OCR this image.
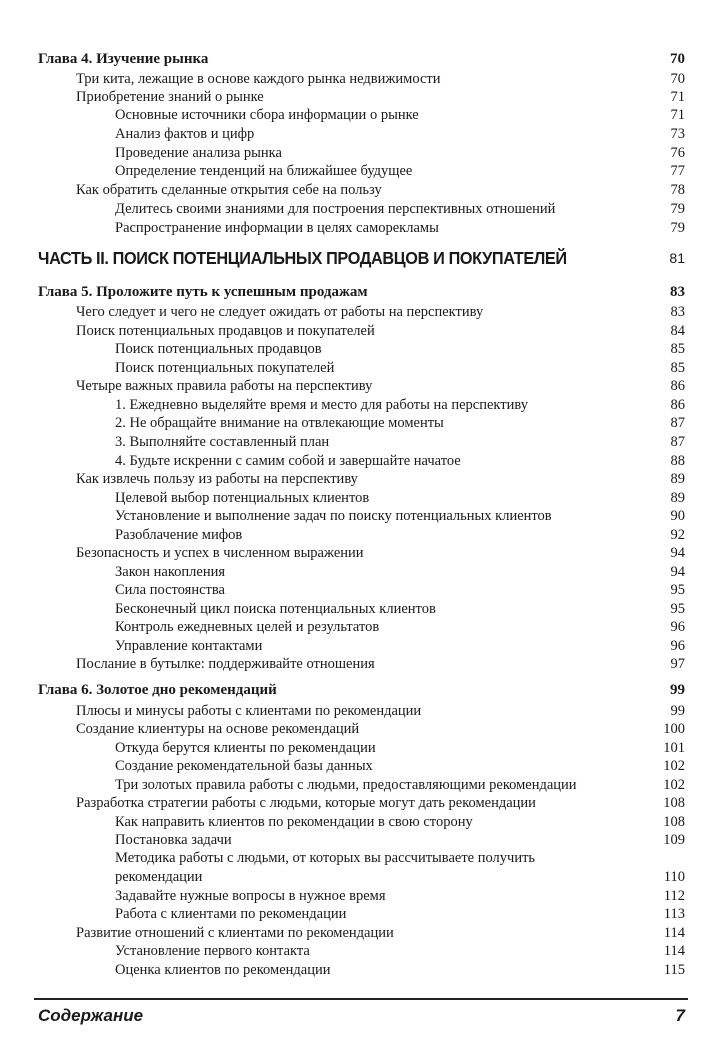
Глава 4. Изучение рынка	70
Три кита, лежащие в основе каждого рынка недвижимости	70
Приобретение знаний о рынке	71
Основные источники сбора информации о рынке	71
Анализ фактов и цифр	73
Проведение анализа рынка	76
Определение тенденций на ближайшее будущее	77
Как обратить сделанные открытия себе на пользу	78
Делитесь своими знаниями для построения перспективных отношений	79
Распространение информации в целях саморекламы	79
ЧАСТЬ II. ПОИСК ПОТЕНЦИАЛЬНЫХ ПРОДАВЦОВ И ПОКУПАТЕЛЕЙ	81
Глава 5. Проложите путь к успешным продажам	83
Чего следует и чего не следует ожидать от работы на перспективу	83
Поиск потенциальных продавцов и покупателей	84
Поиск потенциальных продавцов	85
Поиск потенциальных покупателей	85
Четыре важных правила работы на перспективу	86
1. Ежедневно выделяйте время и место для работы на перспективу	86
2. Не обращайте внимание на отвлекающие моменты	87
3. Выполняйте составленный план	87
4. Будьте искренни с самим собой и завершайте начатое	88
Как извлечь пользу из работы на перспективу	89
Целевой выбор потенциальных клиентов	89
Установление и выполнение задач по поиску потенциальных клиентов	90
Разоблачение мифов	92
Безопасность и успех в численном выражении	94
Закон накопления	94
Сила постоянства	95
Бесконечный цикл поиска потенциальных клиентов	95
Контроль ежедневных целей и результатов	96
Управление контактами	96
Послание в бутылке: поддерживайте отношения	97
Глава 6. Золотое дно рекомендаций	99
Плюсы и минусы работы с клиентами по рекомендации	99
Создание клиентуры на основе рекомендаций	100
Откуда берутся клиенты по рекомендации	101
Создание рекомендательной базы данных	102
Три золотых правила работы с людьми, предоставляющими рекомендации	102
Разработка стратегии работы с людьми, которые могут дать рекомендации	108
Как направить клиентов по рекомендации в свою сторону	108
Постановка задачи	109
Методика работы с людьми, от которых вы рассчитываете получить
рекомендации	110
Задавайте нужные вопросы в нужное время	112
Работа с клиентами по рекомендации	113
Развитие отношений с клиентами по рекомендации	114
Установление первого контакта	114
Оценка клиентов по рекомендации	115
Содержание	7
